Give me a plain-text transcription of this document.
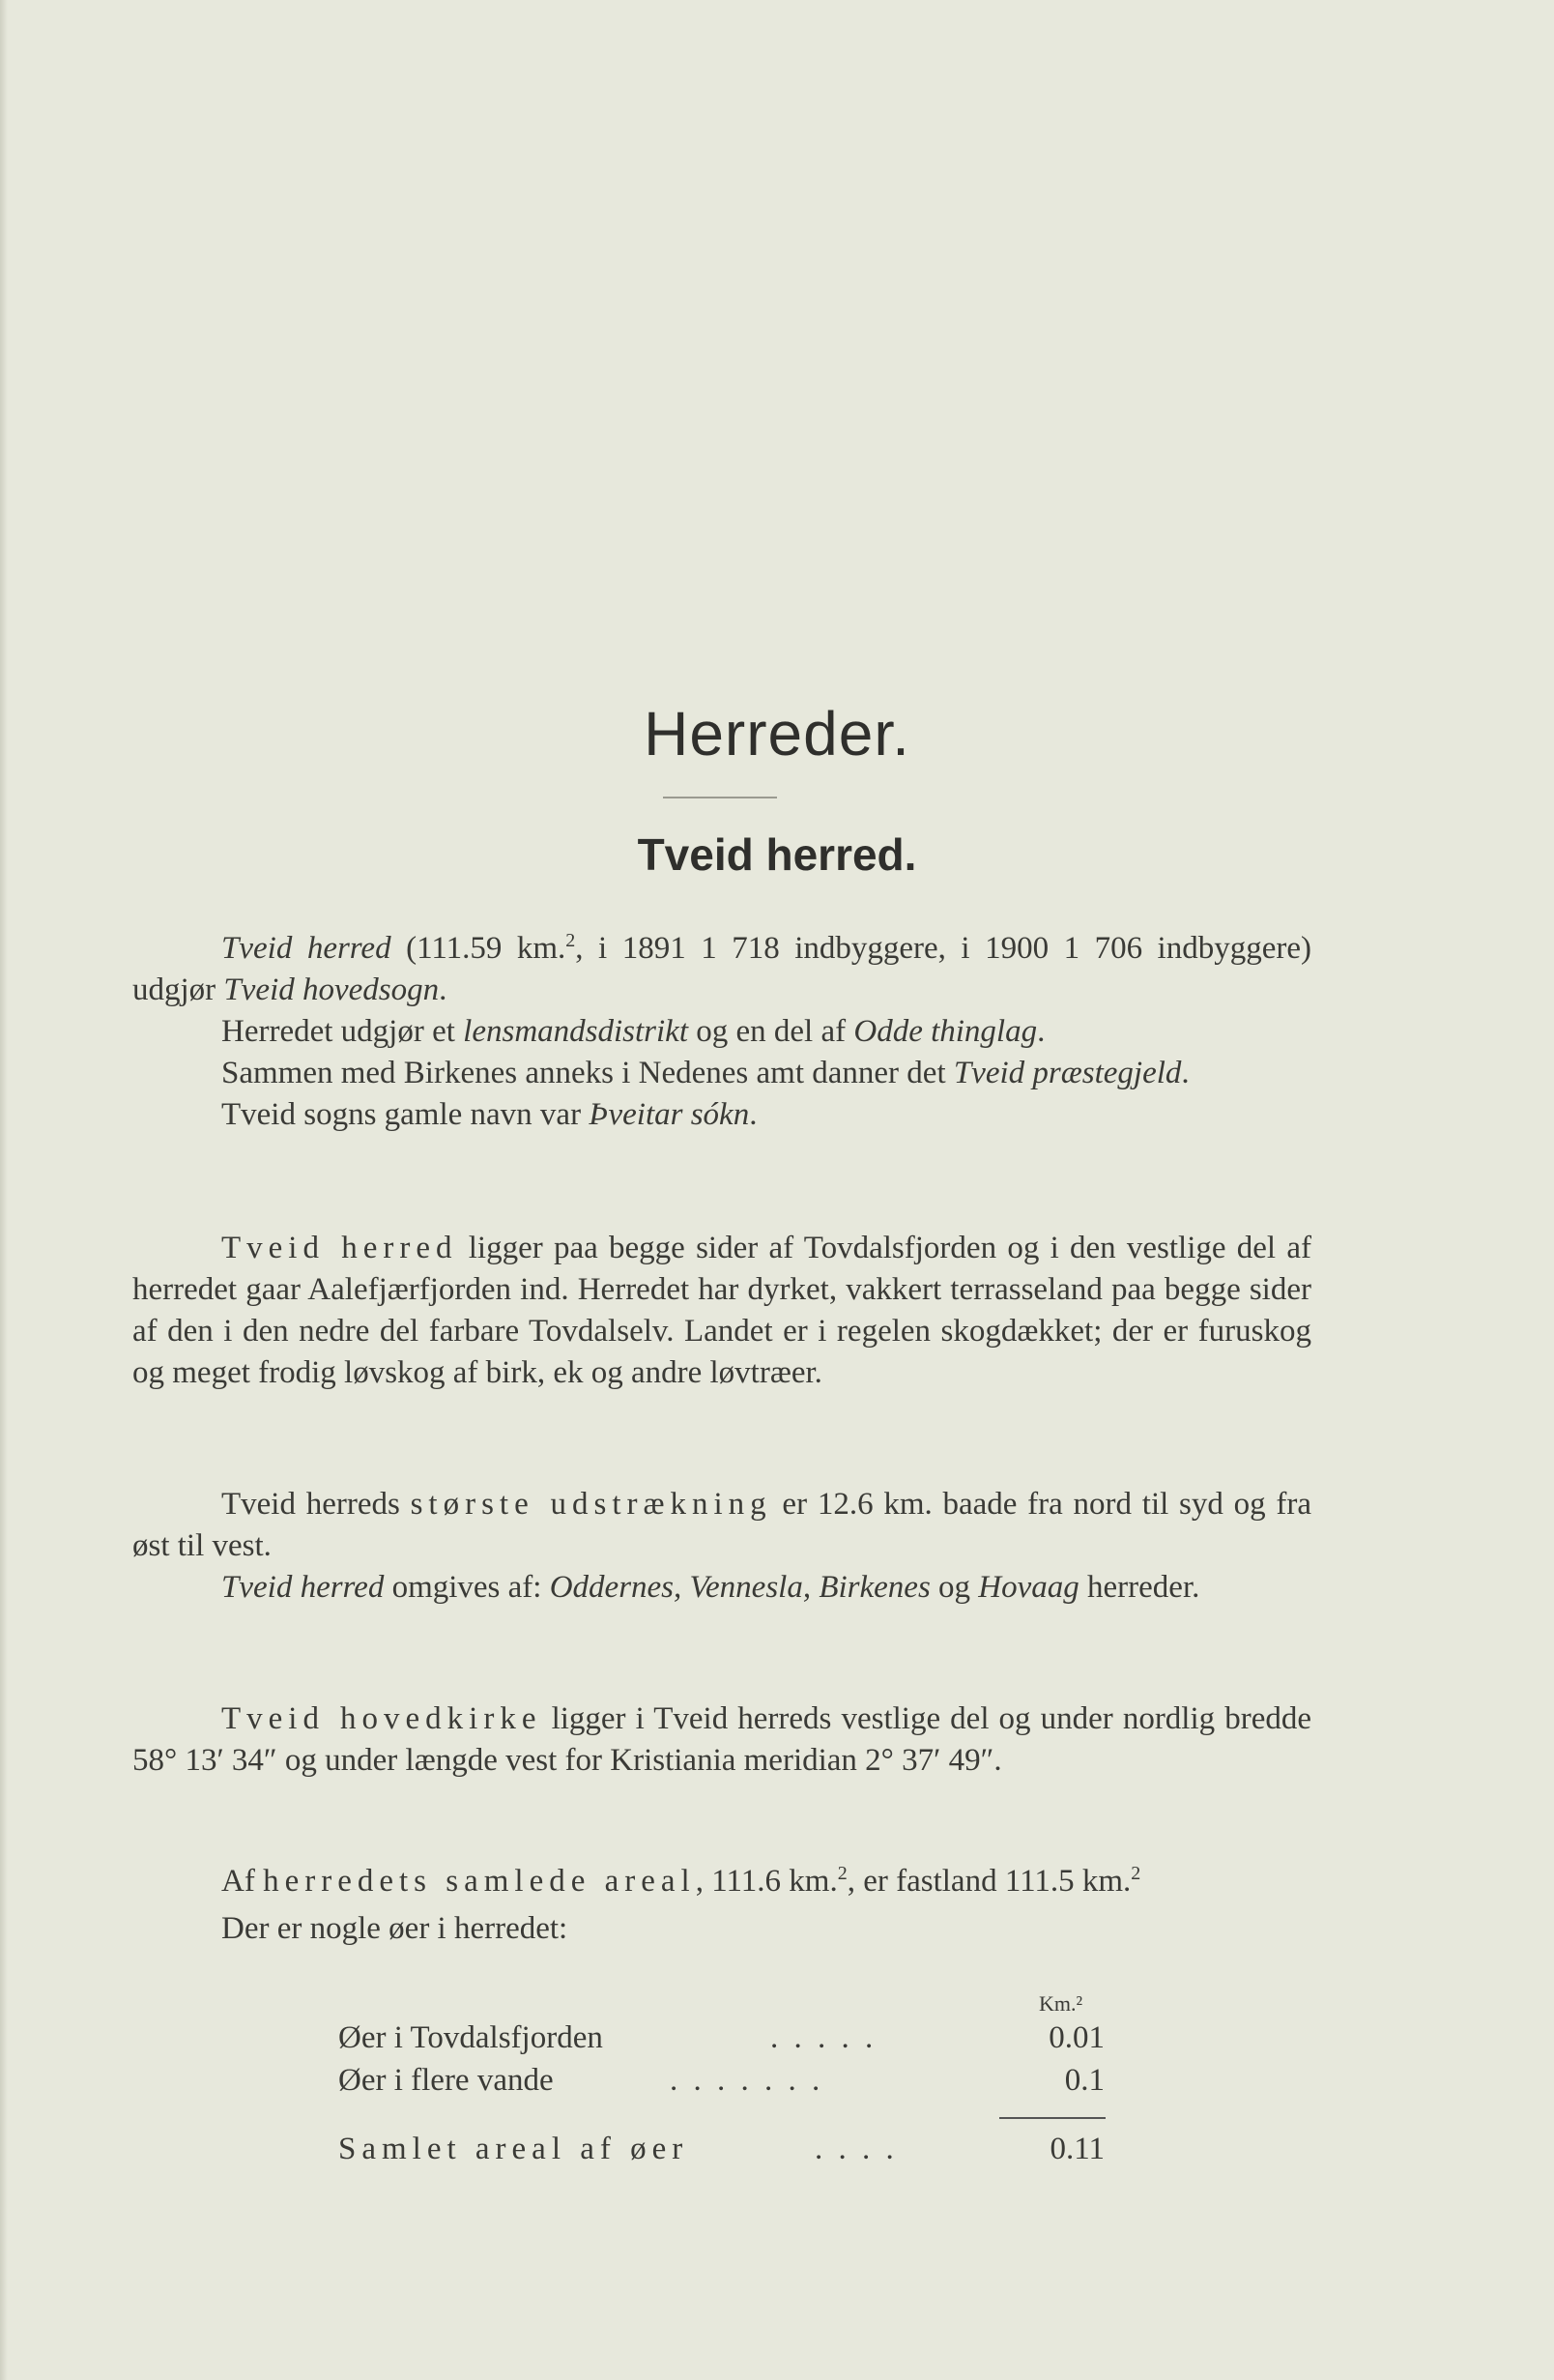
Herreder.
Tveid herred.

Tveid herred (111.59 km.$^2$, i 1891 1 718 indbyggere, i 1900 1 706 indbyggere) udgjør Tveid hovedsogn.

Herredet udgjør et lensmandsdistrikt og en del af Odde thinglag.

Sammen med Birkenes anneks i Nedenes amt danner det Tveid præstegjeld.

Tveid sogns gamle navn var Þveitar sókn.

Tveid herred ligger paa begge sider af Tovdalsfjorden og i den vestlige del af herredet gaar Aalefjærfjorden ind. Herredet har dyrket, vakkert terrasseland paa begge sider af den i den nedre del farbare Tovdalselv. Landet er i regelen skogdækket; der er furuskog og meget frodig løvskog af birk, ek og andre løvtræer.

Tveid herreds største udstrækning er 12.6 km. baade fra nord til syd og fra øst til vest.

Tveid herred omgives af: Oddernes, Vennesla, Birkenes og Hovaag herreder.

Tveid hovedkirke ligger i Tveid herreds vestlige del og under nordlig bredde 58° 13′ 34″ og under længde vest for Kristiania meridian 2° 37′ 49″.

Af herredets samlede areal, 111.6 km.$^2$, er fastland 111.5 km.$^2$

Der er nogle øer i herredet:

Km.²
Øer i Tovdalsfjorden	. . . . .	0.01
Øer i flere vande	. . . . . . .	0.1
Samlet areal af øer	. . . .	0.11
